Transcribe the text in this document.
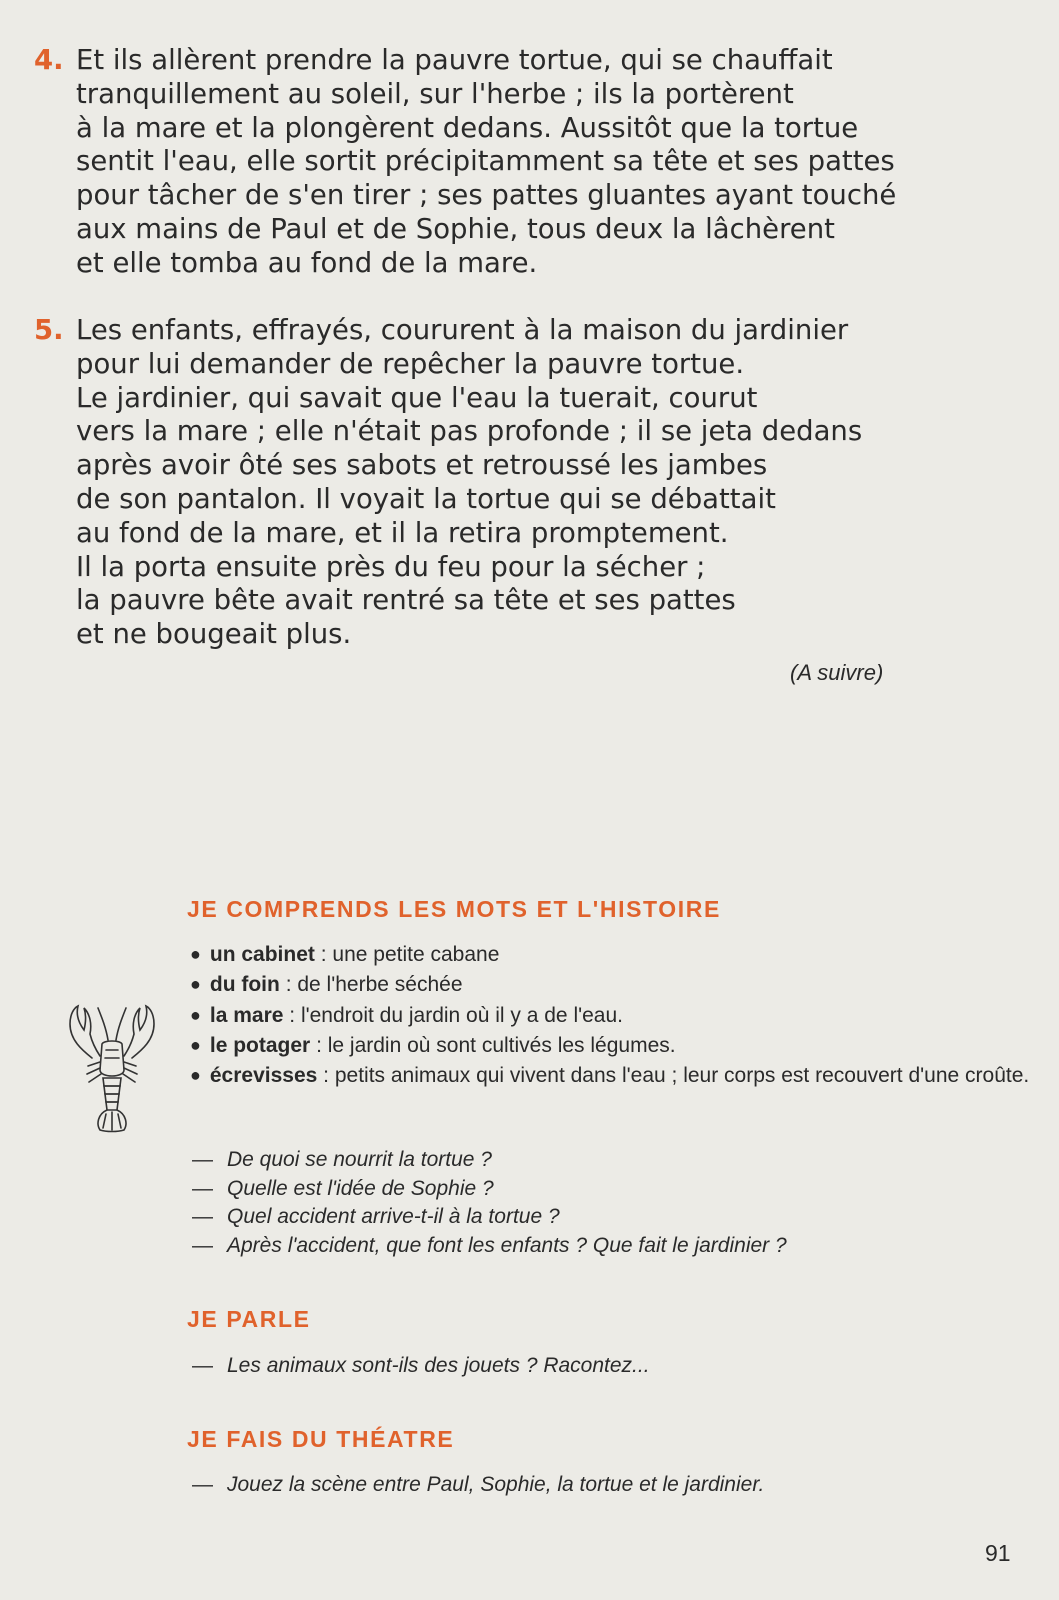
4. Et ils allèrent prendre la pauvre tortue, qui se chauffait
tranquillement au soleil, sur l'herbe ; ils la portèrent
à la mare et la plongèrent dedans. Aussitôt que la tortue
sentit l'eau, elle sortit précipitamment sa tête et ses pattes
pour tâcher de s'en tirer ; ses pattes gluantes ayant touché
aux mains de Paul et de Sophie, tous deux la lâchèrent
et elle tomba au fond de la mare.
5. Les enfants, effrayés, coururent à la maison du jardinier
pour lui demander de repêcher la pauvre tortue.
Le jardinier, qui savait que l'eau la tuerait, courut
vers la mare ; elle n'était pas profonde ; il se jeta dedans
après avoir ôté ses sabots et retroussé les jambes
de son pantalon. Il voyait la tortue qui se débattait
au fond de la mare, et il la retira promptement.
Il la porta ensuite près du feu pour la sécher ;
la pauvre bête avait rentré sa tête et ses pattes
et ne bougeait plus.
(A suivre)
JE COMPRENDS LES MOTS ET L'HISTOIRE
● un cabinet : une petite cabane
● du foin : de l'herbe séchée
● la mare : l'endroit du jardin où il y a de l'eau.
● le potager : le jardin où sont cultivés les légumes.
● écrevisses : petits animaux qui vivent dans l'eau ; leur corps est recouvert d'une croûte.
— De quoi se nourrit la tortue ?
— Quelle est l'idée de Sophie ?
— Quel accident arrive-t-il à la tortue ?
— Après l'accident, que font les enfants ? Que fait le jardinier ?
JE PARLE
— Les animaux sont-ils des jouets ? Racontez...
JE FAIS DU THÉATRE
— Jouez la scène entre Paul, Sophie, la tortue et le jardinier.
91
